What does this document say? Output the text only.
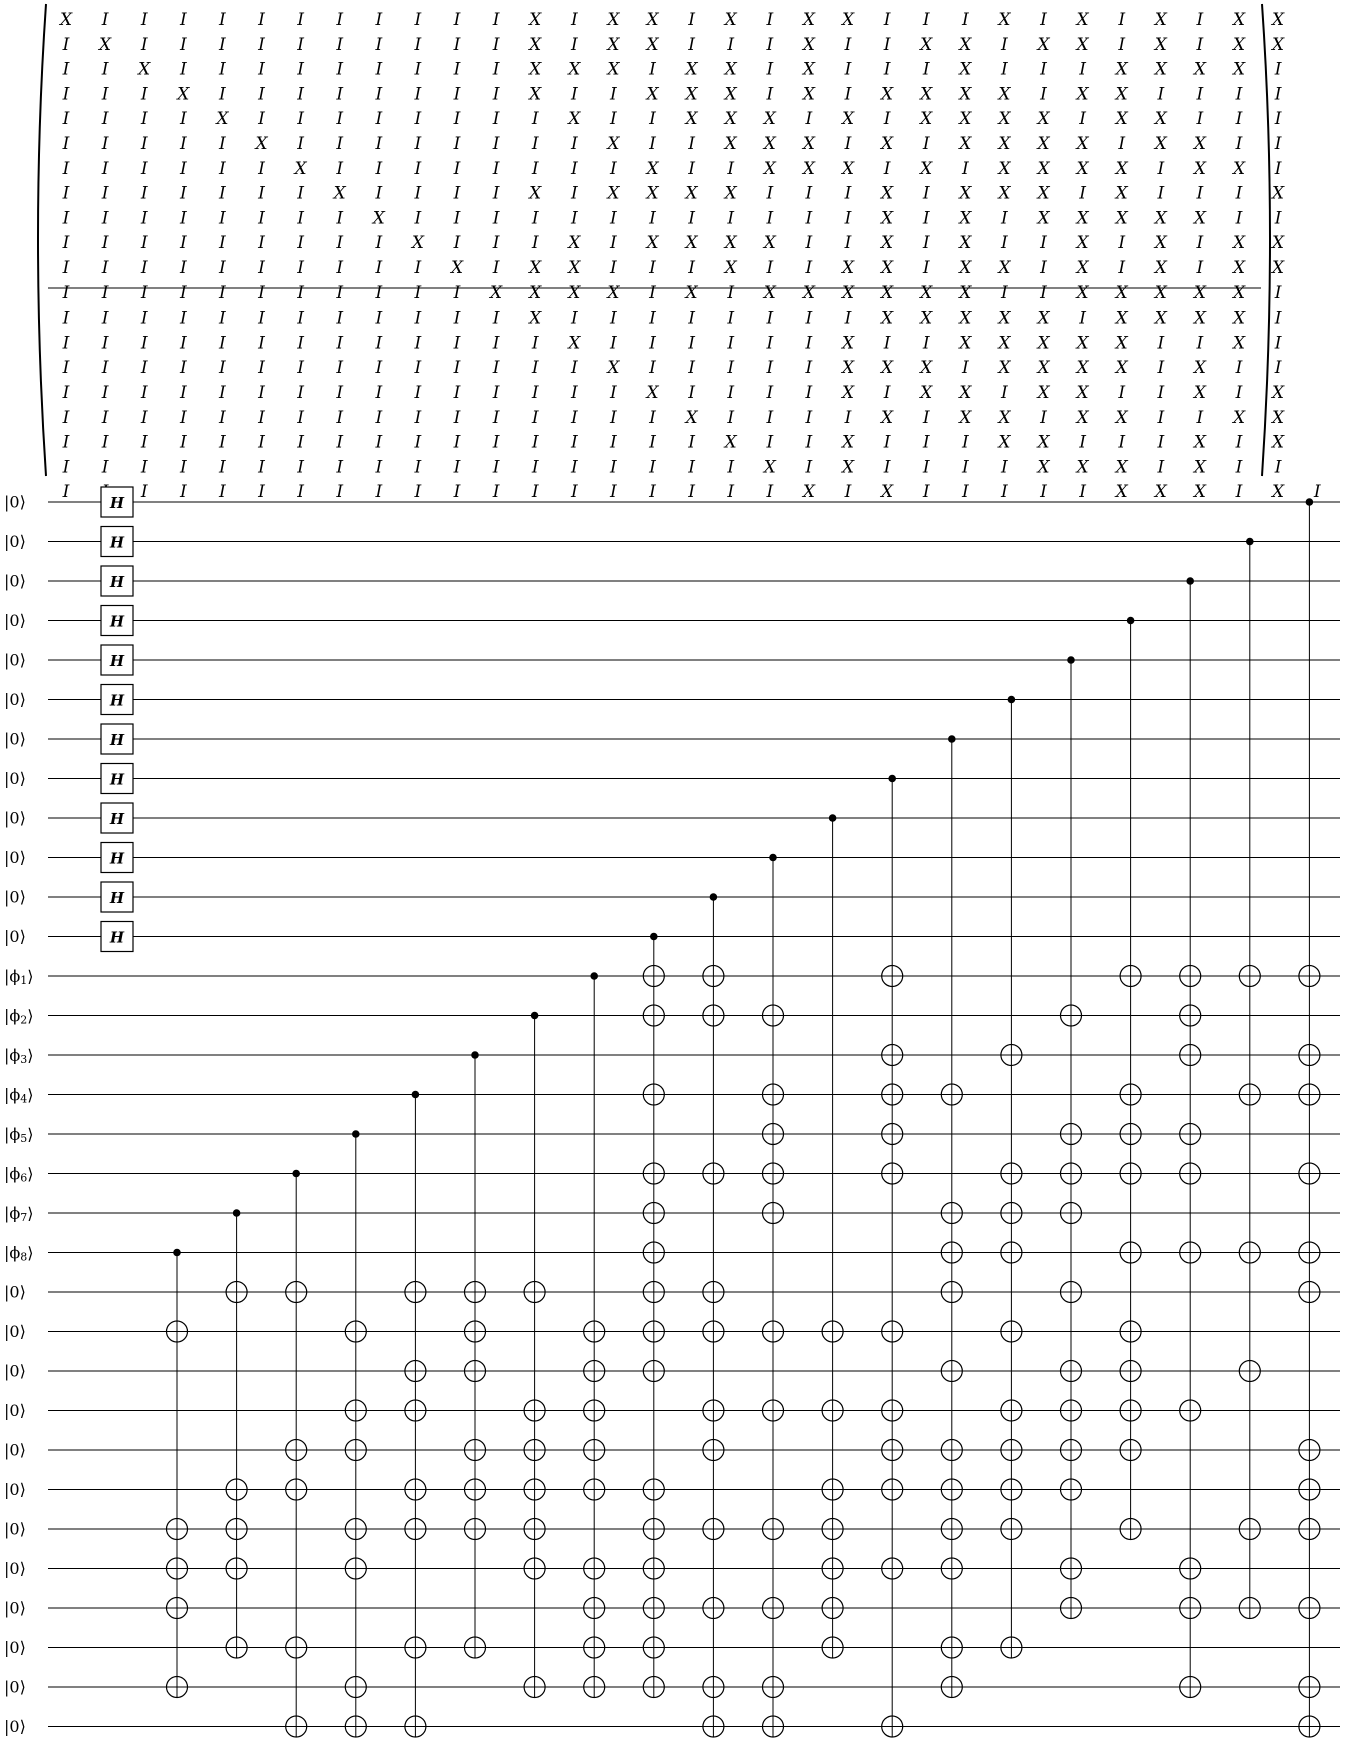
X I I I I I I I I I I I X I X X I X I X X I I I X I X I X I X X
I X I I I I I I I I I I X I X X I I I X I I X X I X X I X I X X
I I X I I I I I I I I I X X X I X X I X I I I X I I I X X X X I
I I I X I I I I I I I I X I I X X X I X I X X X X I X X I I I I
I I I I X I I I I I I I I X I I X X X I X I X X X X I X X I I I
I I I I I X I I I I I I I I X I I X X X I X I X X X X I X X I I
I I I I I I X I I I I I I I I X I I X X X I X I X X X X I X X I
I I I I I I I X I I I I X I X X X X I I I X I X X X I X I I I X
I I I I I I I I X I I I I I I I I I I I I X I X I X X X X X I I
I I I I I I I I I X I I I X I X X X X I I X I X I I X I X I X X
I I I I I I I I I I X I X X I I I X I I X X I X X I X I X I X X
I I I I I I I I I I I X X X X I X I X X X X X X I I X X X X X I
I I I I I I I I I I I I X I I I I I I I I X X X X X I X X X X I
I I I I I I I I I I I I I X I I I I I I X I I X X X X X I I X I
I I I I I I I I I I I I I I X I I I I I X X X I X X X X I X I I
I I I I I I I I I I I I I I I X I I I I X I X X I X X I I X I X
I I I I I I I I I I I I I I I I X I I I I X I X X I X X I I X X
I I I I I I I I I I I I I I I I I X I I X I I I X X I I I X I X
I I I I I I I I I I I I I I I I I I X I X I I I I X X X I X I I
I	I I I I I I I I I I I I I I I I I X I X I I I I I X X X I X I
H
H
H
H
H
H
H
H
H
H
H
H
|0⟩
|0⟩
|0⟩
|0⟩
|0⟩
|0⟩
|0⟩
|0⟩
|0⟩
|0⟩
|0⟩
|0⟩
$|\phi_1⟩$
$|\phi_2⟩$
$|\phi_3⟩$
$|\phi_4⟩$
$|\phi_5⟩$
$|\phi_6⟩$
$|\phi_7⟩$
$|\phi_8⟩$
|0⟩
|0⟩
|0⟩
|0⟩
|0⟩
|0⟩
|0⟩
|0⟩
|0⟩
|0⟩
|0⟩
|0⟩
